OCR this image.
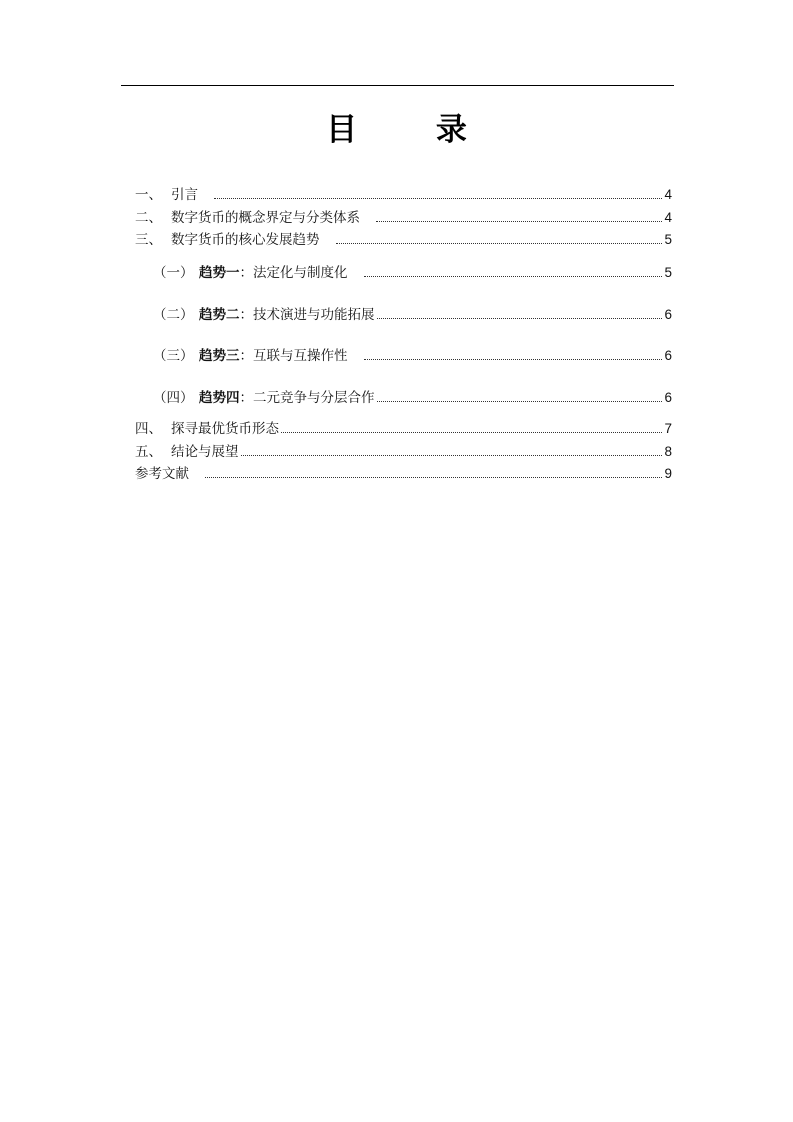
目 录
一、 引言	4
二、 数字货币的概念界定与分类体系	4
三、 数字货币的核心发展趋势	5
（一） 趋势一 ：法定化与制度化	5
（二） 趋势二 ：技术演进与功能拓展	6
（三） 趋势三 ：互联与互操作性	6
（四） 趋势四 ：二元竞争与分层合作	6
四、 探寻最优货币形态	7
五、 结论与展望	8
参考文献	9
